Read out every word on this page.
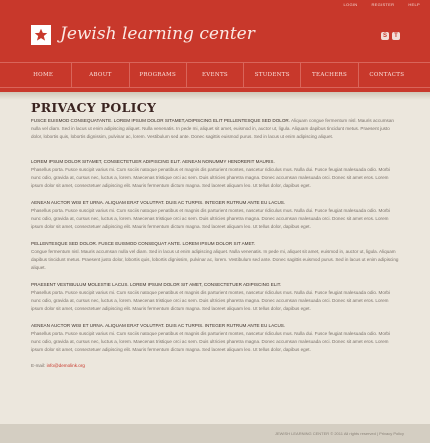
LOGIN	REGISTER	HELP
Jewish learning center	S	T
HOME	ABOUT	PROGRAMS	EVENTS	STUDENTS	TEACHERS	CONTACTS
PRIVACY POLICY

FUSCE EUISMOD CONSEQUATANTE. LOREM IPSUM DOLOR SITAMET,ADIPISCING ELIT PELLENTESQUE SED DOLOR. Aliquam congue fermentum nisl. Mauris accumsan nulla vel diam. Sed in lacus ut enim adipiscing aliquet. Nulla venenatis. In pede mi, aliquet sit amet, euismod in, auctor ut, ligula. Aliquam dapibus tincidunt metus. Praesent justo dolor, lobortis quis, lobortis dignissim, pulvinar ac, lorem. Vestibulum sed ante. Donec sagittis euismod purus. Sed in lacus ut enim adipiscing aliquet.

LOREM IPSUM DOLOR SITAMET, CONSECTETUER ADIPISCING ELIT. AENEAN NONUMMY HENDRERIT MAURIS.
Phasellus porta. Fusce suscipit varius mi. Cum sociis natoque penatibus et magnis dis parturient montes, nascetur ridiculus mus. Nulla dui. Fusce feugiat malesuada odio. Morbi nunc odio, gravida at, cursus nec, luctus a, lorem. Maecenas tristique orci ac sem. Duis ultricies pharetra magna. Donec accumsan malesuada orci. Donec sit amet eros. Lorem ipsum dolor sit amet, consectetuer adipiscing elit. Mauris fermentum dictum magna. Sed laoreet aliquam leo. Ut tellus dolor, dapibus eget.

AENEAN AUCTOR WISI ET URNA. ALIQUAM ERAT VOLUTPAT. DUIS AC TURPIS. INTEGER RUTRUM ANTE EU LACUS.
Phasellus porta. Fusce suscipit varius mi. Cum sociis natoque penatibus et magnis dis parturient montes, nascetur ridiculus mus. Nulla dui. Fusce feugiat malesuada odio. Morbi nunc odio, gravida at, cursus nec, luctus a, lorem. Maecenas tristique orci ac sem. Duis ultricies pharetra magna. Donec accumsan malesuada orci. Donec sit amet eros. Lorem ipsum dolor sit amet, consectetuer adipiscing elit. Mauris fermentum dictum magna. Sed laoreet aliquam leo. Ut tellus dolor, dapibus eget.

PELLENTESQUE SED DOLOR. FUSCE EUISMOD CONSEQUAT ANTE. LOREM IPSUM DOLOR SIT AMET.
Congue fermentum nisl. Mauris accumsan nulla vel diam. Sed in lacus ut enim adipiscing aliquet. Nulla venenatis. In pede mi, aliquet sit amet, euismod in, auctor ut, ligula. Aliquam dapibus tincidunt metus. Praesent justo dolor, lobortis quis, lobortis dignissim, pulvinar ac, lorem. Vestibulum sed ante. Donec sagittis euismod purus. Sed in lacus ut enim adipiscing aliquet.

PRAESENT VESTIBULUM MOLESTIE LACUS. LOREM IPSUM DOLOR SIT AMET, CONSECTETUER ADIPISCING ELIT.
Phasellus porta. Fusce suscipit varius mi. Cum sociis natoque penatibus et magnis dis parturient montes, nascetur ridiculus mus. Nulla dui. Fusce feugiat malesuada odio. Morbi nunc odio, gravida at, cursus nec, luctus a, lorem. Maecenas tristique orci ac sem. Duis ultricies pharetra magna. Donec accumsan malesuada orci. Donec sit amet eros. Lorem ipsum dolor sit amet, consectetuer adipiscing elit. Mauris fermentum dictum magna. Sed laoreet aliquam leo. Ut tellus dolor, dapibus eget.

AENEAN AUCTOR WISI ET URNA. ALIQUAM ERAT VOLUTPAT. DUIS AC TURPIS. INTEGER RUTRUM ANTE EU LACUS.
Phasellus porta. Fusce suscipit varius mi. Cum sociis natoque penatibus et magnis dis parturient montes, nascetur ridiculus mus. Nulla dui. Fusce feugiat malesuada odio. Morbi nunc odio, gravida at, cursus nec, luctus a, lorem. Maecenas tristique orci ac sem. Duis ultricies pharetra magna. Donec accumsan malesuada orci. Donec sit amet eros. Lorem ipsum dolor sit amet, consectetuer adipiscing elit. Mauris fermentum dictum magna. Sed laoreet aliquam leo. Ut tellus dolor, dapibus eget.

E-mail: info@demolink.org

JEWISH LEARNING CENTER © 2011 All rights reserved | Privacy Policy
